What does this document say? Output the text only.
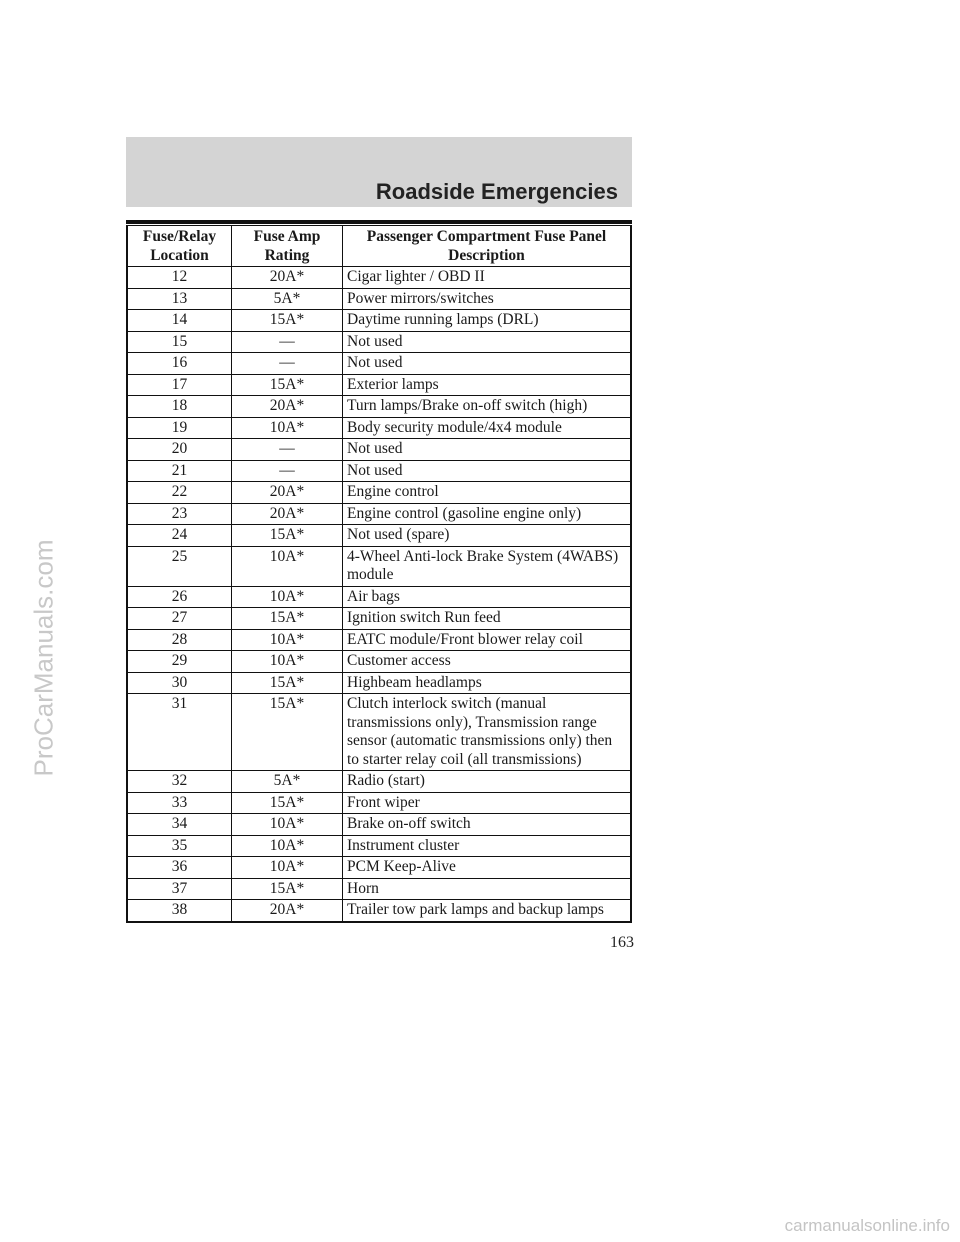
Roadside Emergencies
Fuse/Relay Location	Fuse Amp Rating	Passenger Compartment Fuse Panel Description
12	20A*	Cigar lighter / OBD II
13	5A*	Power mirrors/switches
14	15A*	Daytime running lamps (DRL)
15	—	Not used
16	—	Not used
17	15A*	Exterior lamps
18	20A*	Turn lamps/Brake on-off switch (high)
19	10A*	Body security module/4x4 module
20	—	Not used
21	—	Not used
22	20A*	Engine control
23	20A*	Engine control (gasoline engine only)
24	15A*	Not used (spare)
25	10A*	4-Wheel Anti-lock Brake System (4WABS) module
26	10A*	Air bags
27	15A*	Ignition switch Run feed
28	10A*	EATC module/Front blower relay coil
29	10A*	Customer access
30	15A*	Highbeam headlamps
31	15A*	Clutch interlock switch (manual transmissions only), Transmission range sensor (automatic transmissions only) then to starter relay coil (all transmissions)
32	5A*	Radio (start)
33	15A*	Front wiper
34	10A*	Brake on-off switch
35	10A*	Instrument cluster
36	10A*	PCM Keep-Alive
37	15A*	Horn
38	20A*	Trailer tow park lamps and backup lamps
163
ProCarManuals.com
carmanualsonline.info
